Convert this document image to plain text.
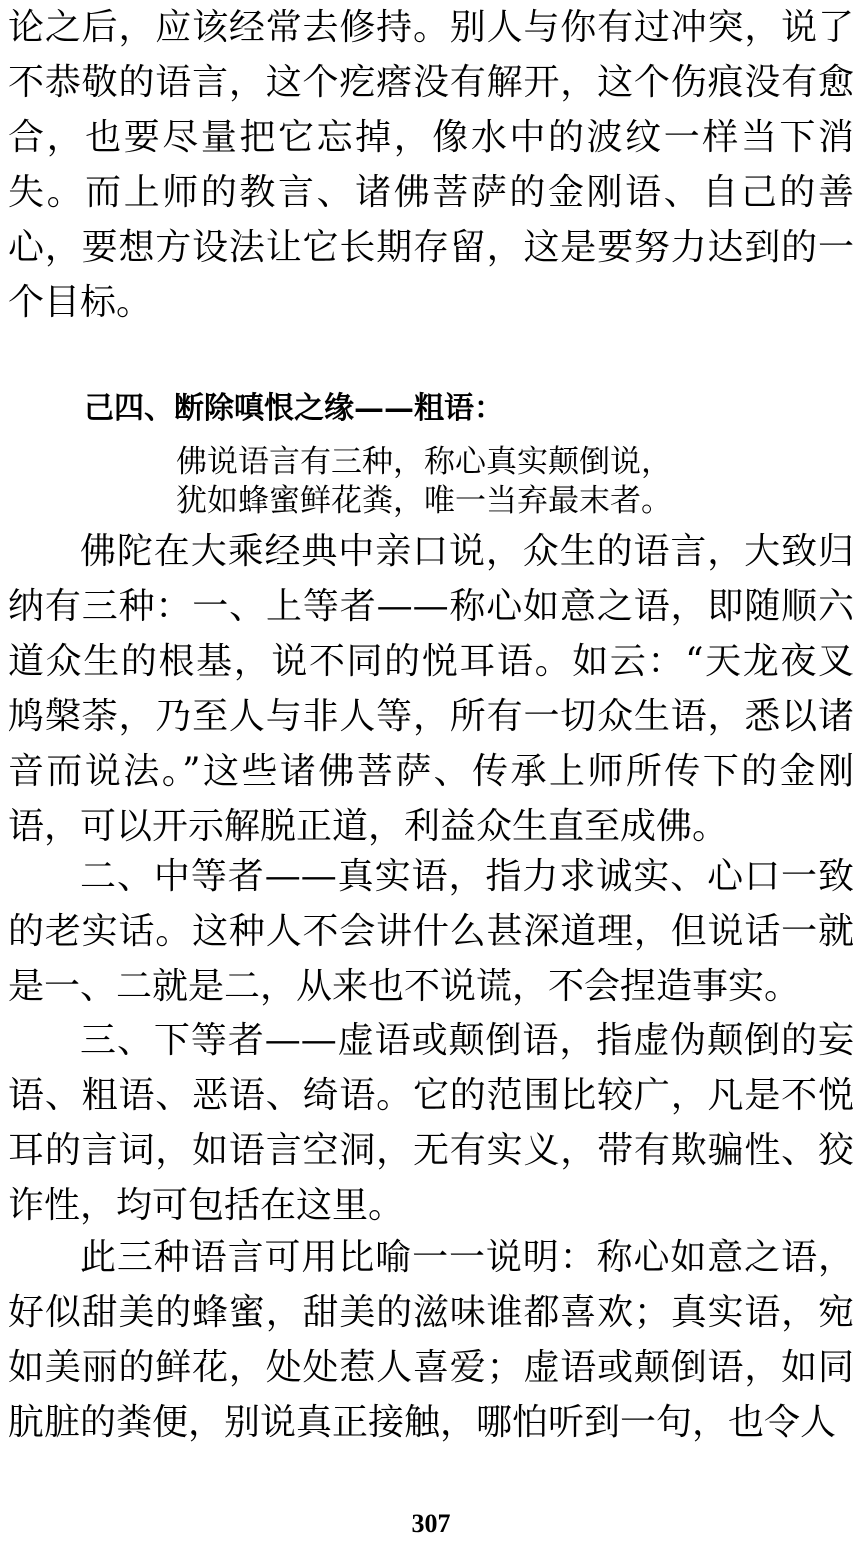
论之后，应该经常去修持。别人与你有过冲突，说了不恭敬的语言，这个疙瘩没有解开，这个伤痕没有愈合，也要尽量把它忘掉，像水中的波纹一样当下消失。而上师的教言、诸佛菩萨的金刚语、自己的善心，要想方设法让它长期存留，这是要努力达到的一个目标。

己四、断除嗔恨之缘——粗语：

佛说语言有三种，称心真实颠倒说，

犹如蜂蜜鲜花粪，唯一当弃最末者。

佛陀在大乘经典中亲口说，众生的语言，大致归纳有三种：一、上等者——称心如意之语，即随顺六道众生的根基，说不同的悦耳语。如云：“天龙夜叉鸠槃荼，乃至人与非人等，所有一切众生语，悉以诸音而说法。”这些诸佛菩萨、传承上师所传下的金刚语，可以开示解脱正道，利益众生直至成佛。

二、中等者——真实语，指力求诚实、心口一致的老实话。这种人不会讲什么甚深道理，但说话一就是一、二就是二，从来也不说谎，不会捏造事实。

三、下等者——虚语或颠倒语，指虚伪颠倒的妄语、粗语、恶语、绮语。它的范围比较广，凡是不悦耳的言词，如语言空洞，无有实义，带有欺骗性、狡诈性，均可包括在这里。

此三种语言可用比喻一一说明：称心如意之语，好似甜美的蜂蜜，甜美的滋味谁都喜欢；真实语，宛如美丽的鲜花，处处惹人喜爱；虚语或颠倒语，如同肮脏的粪便，别说真正接触，哪怕听到一句，也令人

307
